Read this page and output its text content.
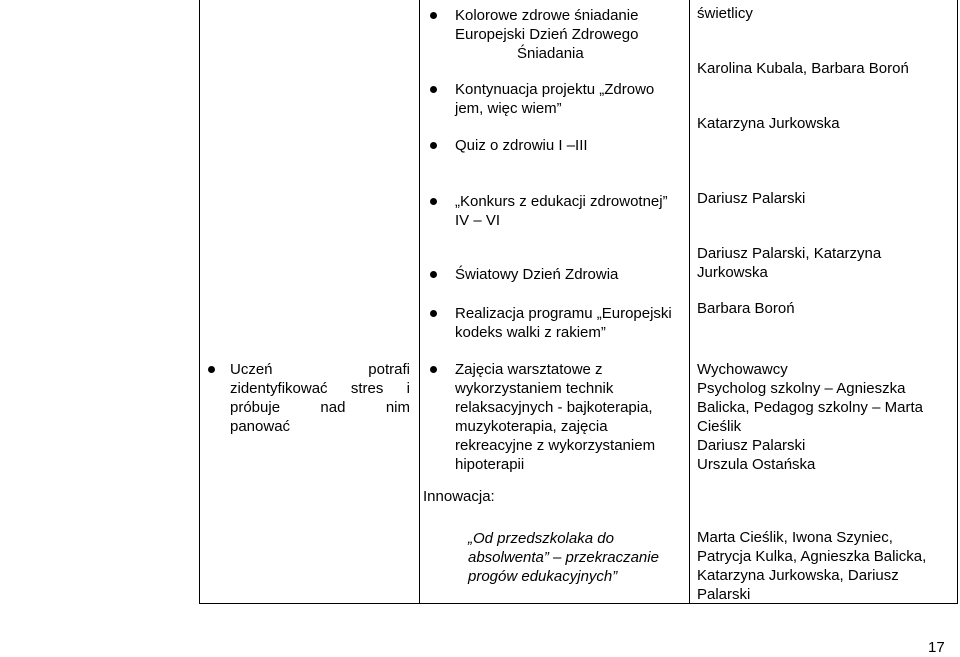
Uczeń potrafi
zidentyfikować stres i
próbuje nad nim
panować
Kolorowe zdrowe śniadanie
Europejski Dzień Zdrowego
Śniadania
Kontynuacja projektu „Zdrowo
jem, więc wiem”
Quiz o zdrowiu I –III
„Konkurs z edukacji zdrowotnej”
IV – VI
Światowy Dzień Zdrowia
Realizacja programu „Europejski
kodeks walki z rakiem”
Zajęcia warsztatowe z
wykorzystaniem technik
relaksacyjnych - bajkoterapia,
muzykoterapia, zajęcia
rekreacyjne z wykorzystaniem
hipoterapii
Innowacja:
„Od przedszkolaka do
absolwenta” – przekraczanie
progów edukacyjnych”
świetlicy
Karolina Kubala, Barbara Boroń
Katarzyna Jurkowska
Dariusz Palarski
Dariusz Palarski, Katarzyna
Jurkowska
Barbara Boroń
Wychowawcy
Psycholog szkolny – Agnieszka
Balicka, Pedagog szkolny – Marta
Cieślik
Dariusz Palarski
Urszula Ostańska
Marta Cieślik, Iwona Szyniec,
Patrycja Kulka, Agnieszka Balicka,
Katarzyna Jurkowska, Dariusz
Palarski
17
